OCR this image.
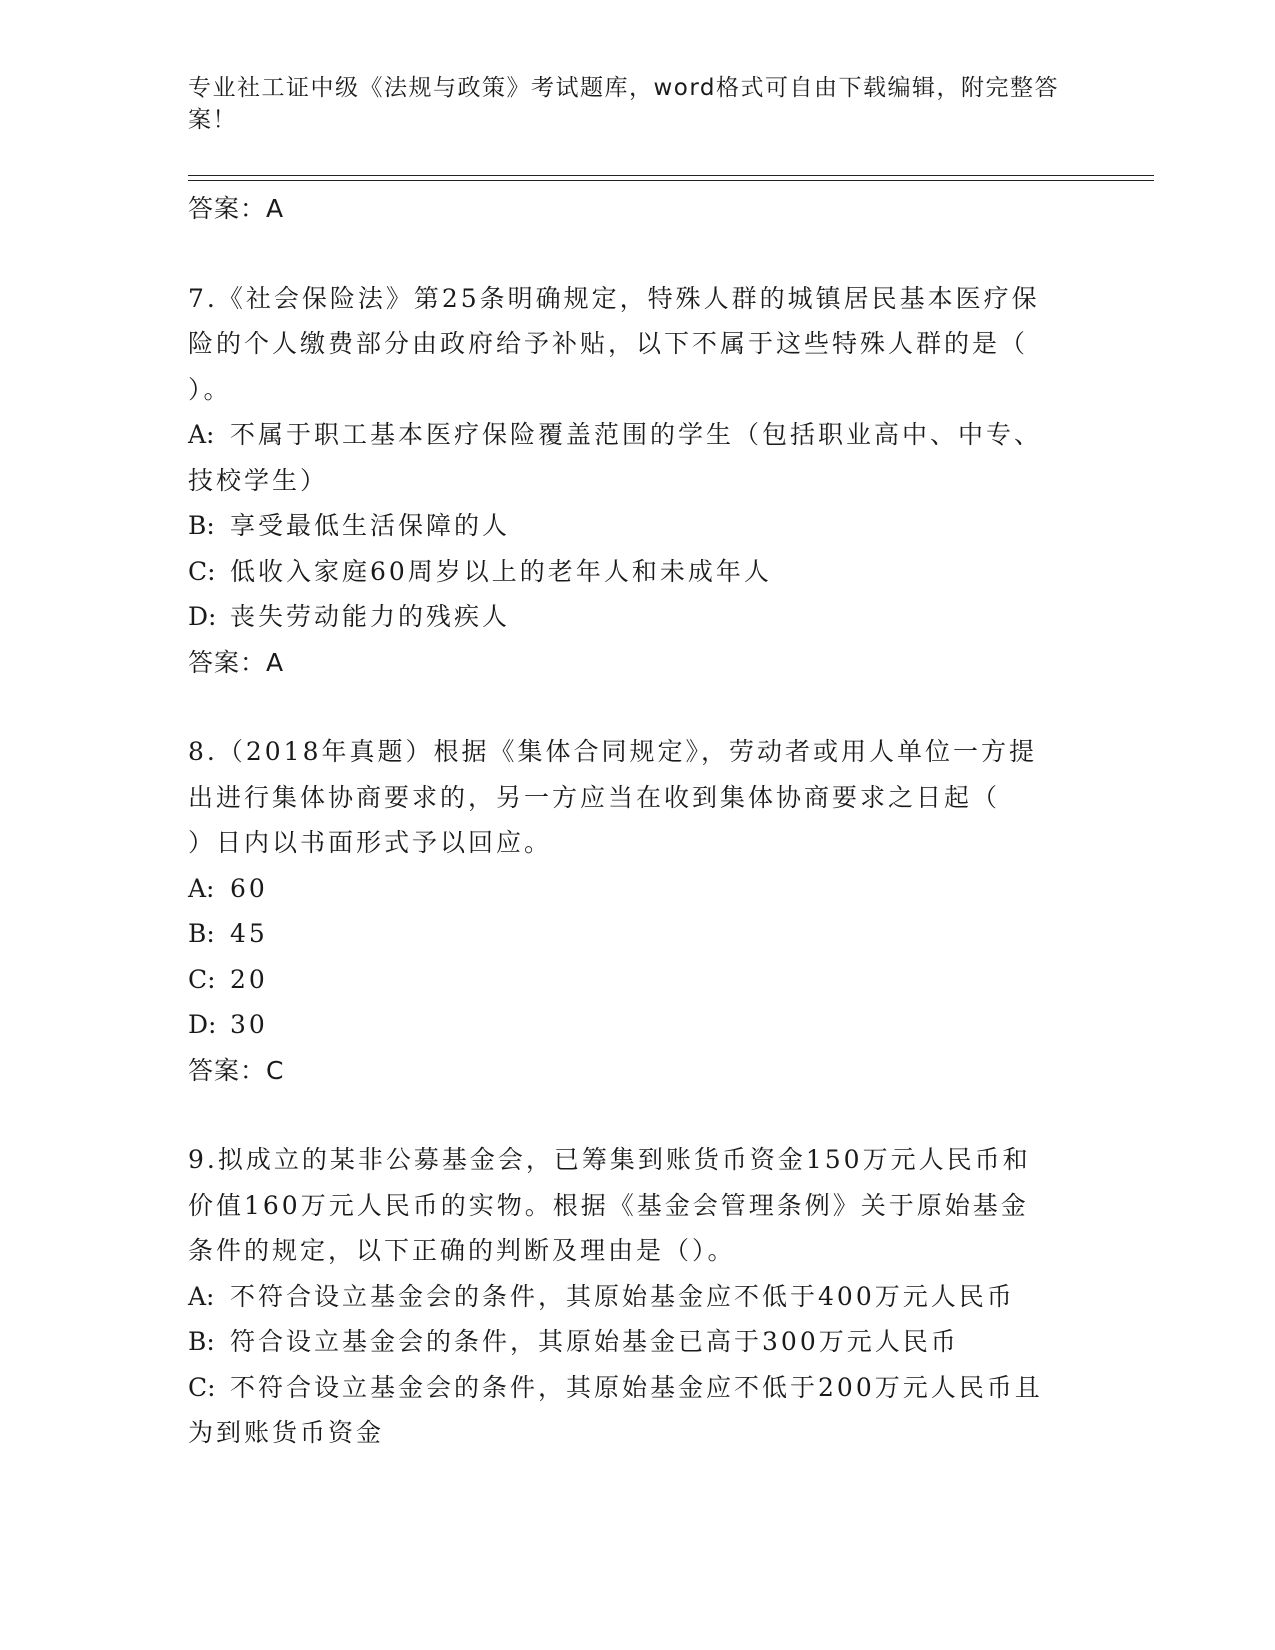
专业社工证中级《法规与政策》考试题库，word格式可自由下载编辑，附完整答
案！
答案：A
7.《社会保险法》第25条明确规定，特殊人群的城镇居民基本医疗保
险的个人缴费部分由政府给予补贴，以下不属于这些特殊人群的是（
）。
A: 不属于职工基本医疗保险覆盖范围的学生（包括职业高中、中专、
技校学生）
B: 享受最低生活保障的人
C: 低收入家庭60周岁以上的老年人和未成年人
D: 丧失劳动能力的残疾人
答案：A
8.（2018年真题）根据《集体合同规定》，劳动者或用人单位一方提
出进行集体协商要求的，另一方应当在收到集体协商要求之日起（
）日内以书面形式予以回应。
A: 60
B: 45
C: 20
D: 30
答案：C
9.拟成立的某非公募基金会，已筹集到账货币资金150万元人民币和
价值160万元人民币的实物。根据《基金会管理条例》关于原始基金
条件的规定，以下正确的判断及理由是（）。
A: 不符合设立基金会的条件，其原始基金应不低于400万元人民币
B: 符合设立基金会的条件，其原始基金已高于300万元人民币
C: 不符合设立基金会的条件，其原始基金应不低于200万元人民币且
为到账货币资金
